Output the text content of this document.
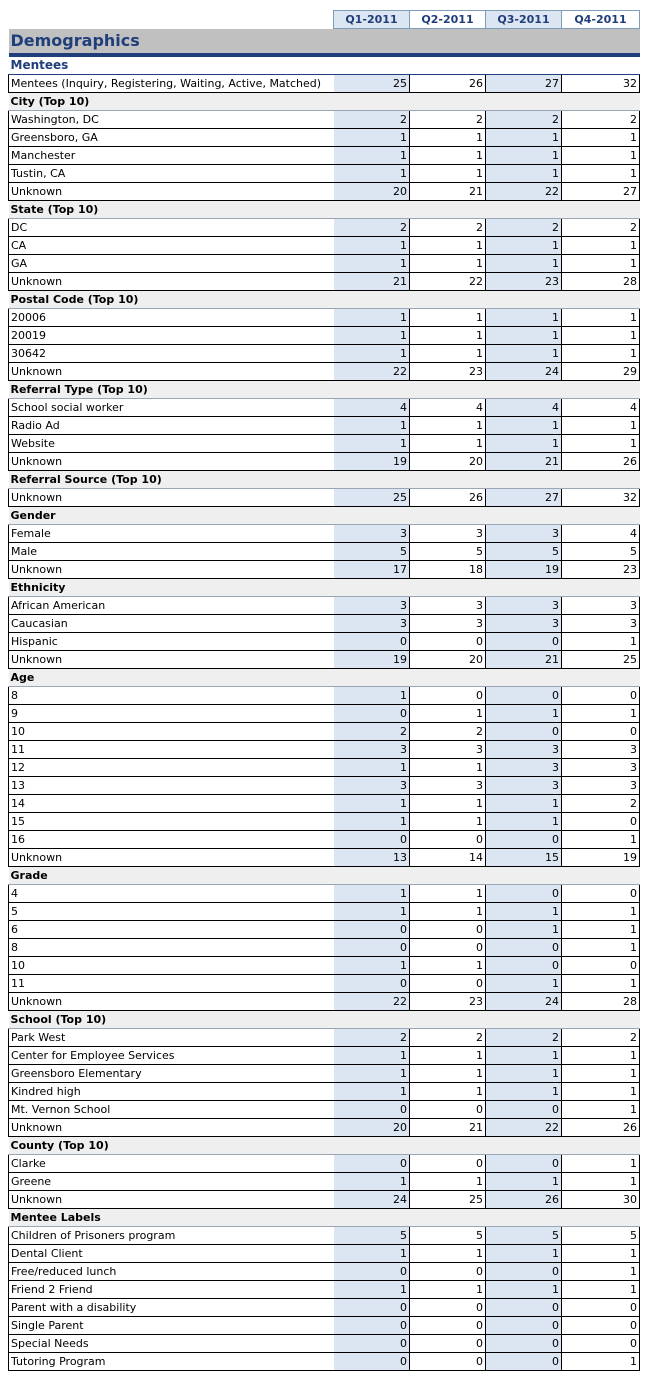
	Q1-2011	Q2-2011	Q3-2011	Q4-2011
Demographics				
Mentees				
Mentees (Inquiry, Registering, Waiting, Active, Matched)	25	26	27	32
City (Top 10)				
Washington, DC	2	2	2	2
Greensboro, GA	1	1	1	1
Manchester	1	1	1	1
Tustin, CA	1	1	1	1
Unknown	20	21	22	27
State (Top 10)				
DC	2	2	2	2
CA	1	1	1	1
GA	1	1	1	1
Unknown	21	22	23	28
Postal Code (Top 10)				
20006	1	1	1	1
20019	1	1	1	1
30642	1	1	1	1
Unknown	22	23	24	29
Referral Type (Top 10)				
School social worker	4	4	4	4
Radio Ad	1	1	1	1
Website	1	1	1	1
Unknown	19	20	21	26
Referral Source (Top 10)				
Unknown	25	26	27	32
Gender				
Female	3	3	3	4
Male	5	5	5	5
Unknown	17	18	19	23
Ethnicity				
African American	3	3	3	3
Caucasian	3	3	3	3
Hispanic	0	0	0	1
Unknown	19	20	21	25
Age				
8	1	0	0	0
9	0	1	1	1
10	2	2	0	0
11	3	3	3	3
12	1	1	3	3
13	3	3	3	3
14	1	1	1	2
15	1	1	1	0
16	0	0	0	1
Unknown	13	14	15	19
Grade				
4	1	1	0	0
5	1	1	1	1
6	0	0	1	1
8	0	0	0	1
10	1	1	0	0
11	0	0	1	1
Unknown	22	23	24	28
School (Top 10)				
Park West	2	2	2	2
Center for Employee Services	1	1	1	1
Greensboro Elementary	1	1	1	1
Kindred high	1	1	1	1
Mt. Vernon School	0	0	0	1
Unknown	20	21	22	26
County (Top 10)				
Clarke	0	0	0	1
Greene	1	1	1	1
Unknown	24	25	26	30
Mentee Labels				
Children of Prisoners program	5	5	5	5
Dental Client	1	1	1	1
Free/reduced lunch	0	0	0	1
Friend 2 Friend	1	1	1	1
Parent with a disability	0	0	0	0
Single Parent	0	0	0	0
Special Needs	0	0	0	0
Tutoring Program	0	0	0	1
